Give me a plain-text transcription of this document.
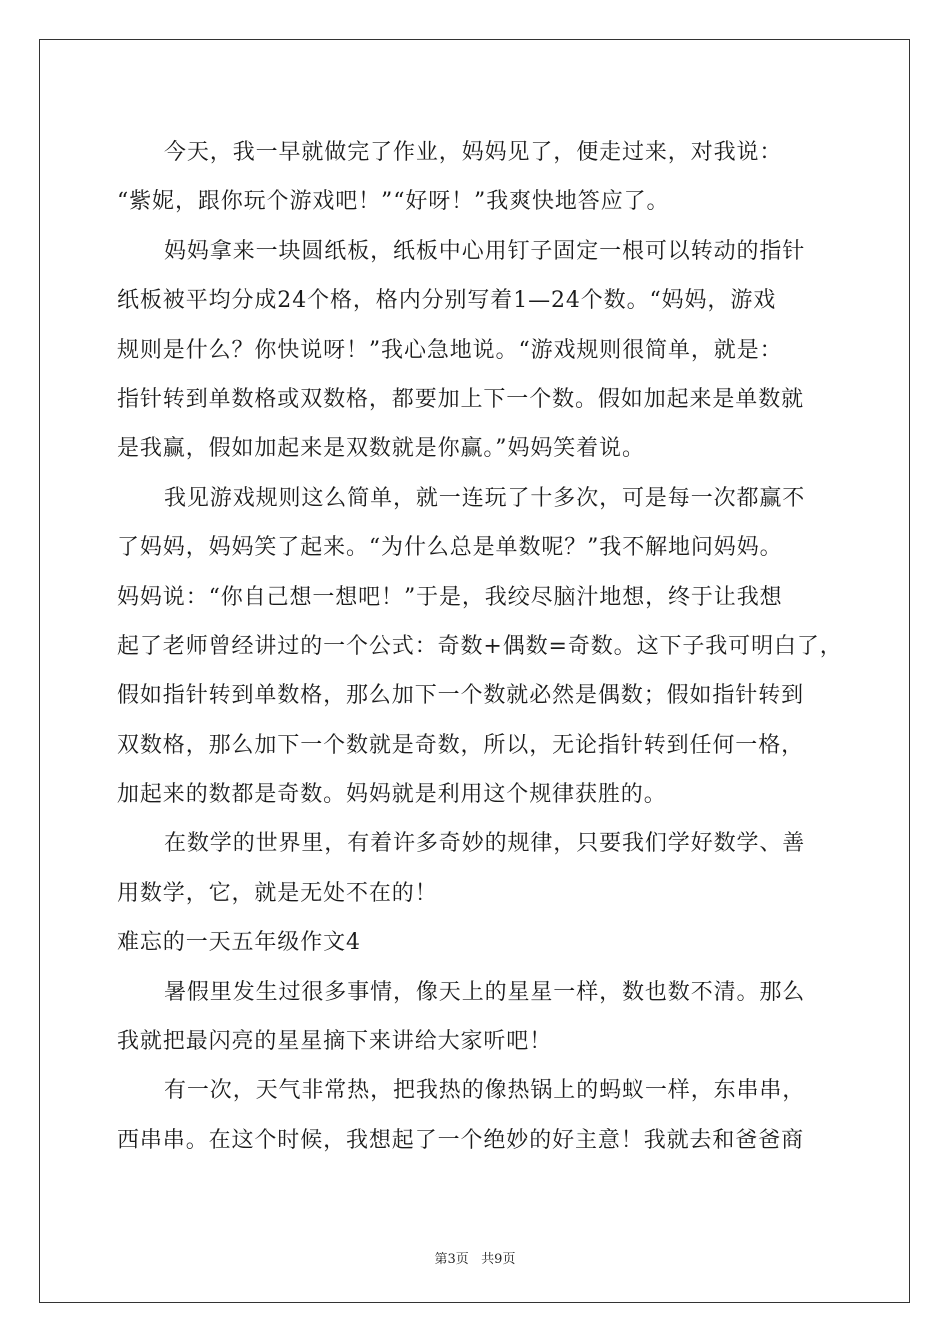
今天，我一早就做完了作业，妈妈见了，便走过来，对我说：
“紫妮，跟你玩个游戏吧！”“好呀！”我爽快地答应了。
妈妈拿来一块圆纸板，纸板中心用钉子固定一根可以转动的指针
纸板被平均分成24个格，格内分别写着1—24个数。“妈妈，游戏
规则是什么？你快说呀！”我心急地说。“游戏规则很简单，就是：
指针转到单数格或双数格，都要加上下一个数。假如加起来是单数就
是我赢，假如加起来是双数就是你赢。”妈妈笑着说。
我见游戏规则这么简单，就一连玩了十多次，可是每一次都赢不
了妈妈，妈妈笑了起来。“为什么总是单数呢？”我不解地问妈妈。
妈妈说：“你自己想一想吧！”于是，我绞尽脑汁地想，终于让我想
起了老师曾经讲过的一个公式：奇数+偶数=奇数。这下子我可明白了，
假如指针转到单数格，那么加下一个数就必然是偶数；假如指针转到
双数格，那么加下一个数就是奇数，所以，无论指针转到任何一格，
加起来的数都是奇数。妈妈就是利用这个规律获胜的。
在数学的世界里，有着许多奇妙的规律，只要我们学好数学、善
用数学，它，就是无处不在的！
难忘的一天五年级作文4
暑假里发生过很多事情，像天上的星星一样，数也数不清。那么
我就把最闪亮的星星摘下来讲给大家听吧！
有一次，天气非常热，把我热的像热锅上的蚂蚁一样，东串串，
西串串。在这个时候，我想起了一个绝妙的好主意！我就去和爸爸商
第3页   共9页
